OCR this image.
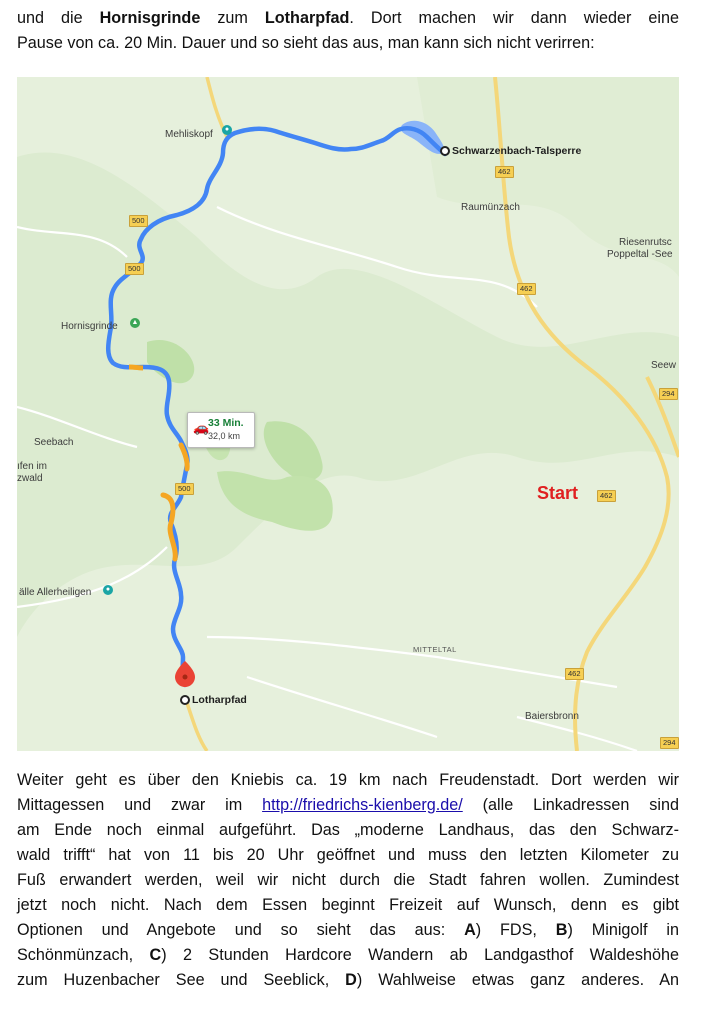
und die Hornisgrinde zum Lotharpfad. Dort machen wir dann wieder eine
Pause von ca. 20 Min. Dauer und so sieht das aus, man kann sich nicht verirren:
●
▲
●
Mehliskopf
Schwarzenbach-Talsperre
Raumünzach
Riesenrutsc
Poppeltal -See
Hornisgrinde
Seew
Seebach
ıfen im
zwald
älle Allerheiligen
MITTELTAL
Lotharpfad
Baiersbronn
500
500
500
462
462
462
462
294
294
Start
🚗
33 Min.
32,0 km
Weiter geht es über den Kniebis ca. 19 km nach Freudenstadt. Dort werden wir
Mittagessen und zwar im http://friedrichs-kienberg.de/ (alle Linkadressen sind
am Ende noch einmal aufgeführt. Das „moderne Landhaus, das den Schwarz-
wald trifft“ hat von 11 bis 20 Uhr geöffnet und muss den letzten Kilometer zu
Fuß erwandert werden, weil wir nicht durch die Stadt fahren wollen. Zumindest
jetzt noch nicht. Nach dem Essen beginnt Freizeit auf Wunsch, denn es gibt
Optionen und Angebote und so sieht das aus: A) FDS, B) Minigolf in
Schönmünzach, C) 2 Stunden Hardcore Wandern ab Landgasthof Waldeshöhe
zum Huzenbacher See und Seeblick, D) Wahlweise etwas ganz anderes. An
